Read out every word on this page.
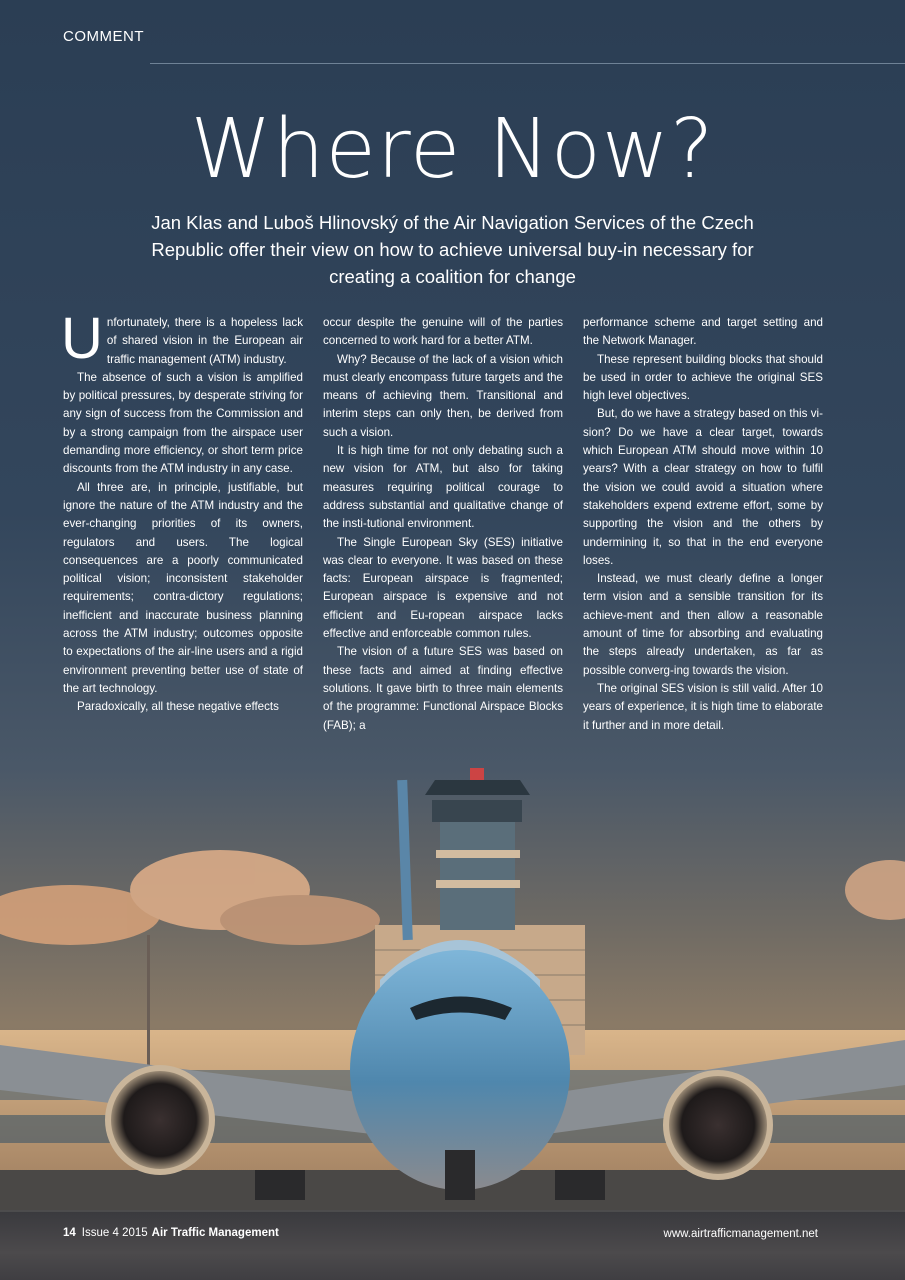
COMMENT
Where Now?
Jan Klas and Luboš Hlinovský of the Air Navigation Services of the Czech Republic offer their view on how to achieve universal buy-in necessary for creating a coalition for change

Unfortunately, there is a hopeless lack of shared vision in the European air traffic management (ATM) industry.

The absence of such a vision is amplified by political pressures, by desperate striving for any sign of success from the Commission and by a strong campaign from the airspace user demanding more efficiency, or short term price discounts from the ATM industry in any case.

All three are, in principle, justifiable, but ignore the nature of the ATM industry and the ever-changing priorities of its owners, regulators and users. The logical consequences are a poorly communicated political vision; inconsistent stakeholder requirements; contra-dictory regulations; inefficient and inaccurate business planning across the ATM industry; outcomes opposite to expectations of the air-line users and a rigid environment preventing better use of state of the art technology.

Paradoxically, all these negative effects

occur despite the genuine will of the parties concerned to work hard for a better ATM.

Why? Because of the lack of a vision which must clearly encompass future targets and the means of achieving them. Transitional and interim steps can only then, be derived from such a vision.

It is high time for not only debating such a new vision for ATM, but also for taking measures requiring political courage to address substantial and qualitative change of the insti-tutional environment.

The Single European Sky (SES) initiative was clear to everyone. It was based on these facts: European airspace is fragmented; European airspace is expensive and not efficient and Eu-ropean airspace lacks effective and enforceable common rules.

The vision of a future SES was based on these facts and aimed at finding effective solutions. It gave birth to three main elements of the programme: Functional Airspace Blocks (FAB); a

performance scheme and target setting and the Network Manager.

These represent building blocks that should be used in order to achieve the original SES high level objectives.

But, do we have a strategy based on this vi-sion? Do we have a clear target, towards which European ATM should move within 10 years? With a clear strategy on how to fulfil the vision we could avoid a situation where stakeholders expend extreme effort, some by supporting the vision and the others by undermining it, so that in the end everyone loses.

Instead, we must clearly define a longer term vision and a sensible transition for its achieve-ment and then allow a reasonable amount of time for absorbing and evaluating the steps already undertaken, as far as possible converg-ing towards the vision.

The original SES vision is still valid. After 10 years of experience, it is high time to elaborate it further and in more detail.

14 Issue 4 2015 Air Traffic Management	www.airtrafficmanagement.net
